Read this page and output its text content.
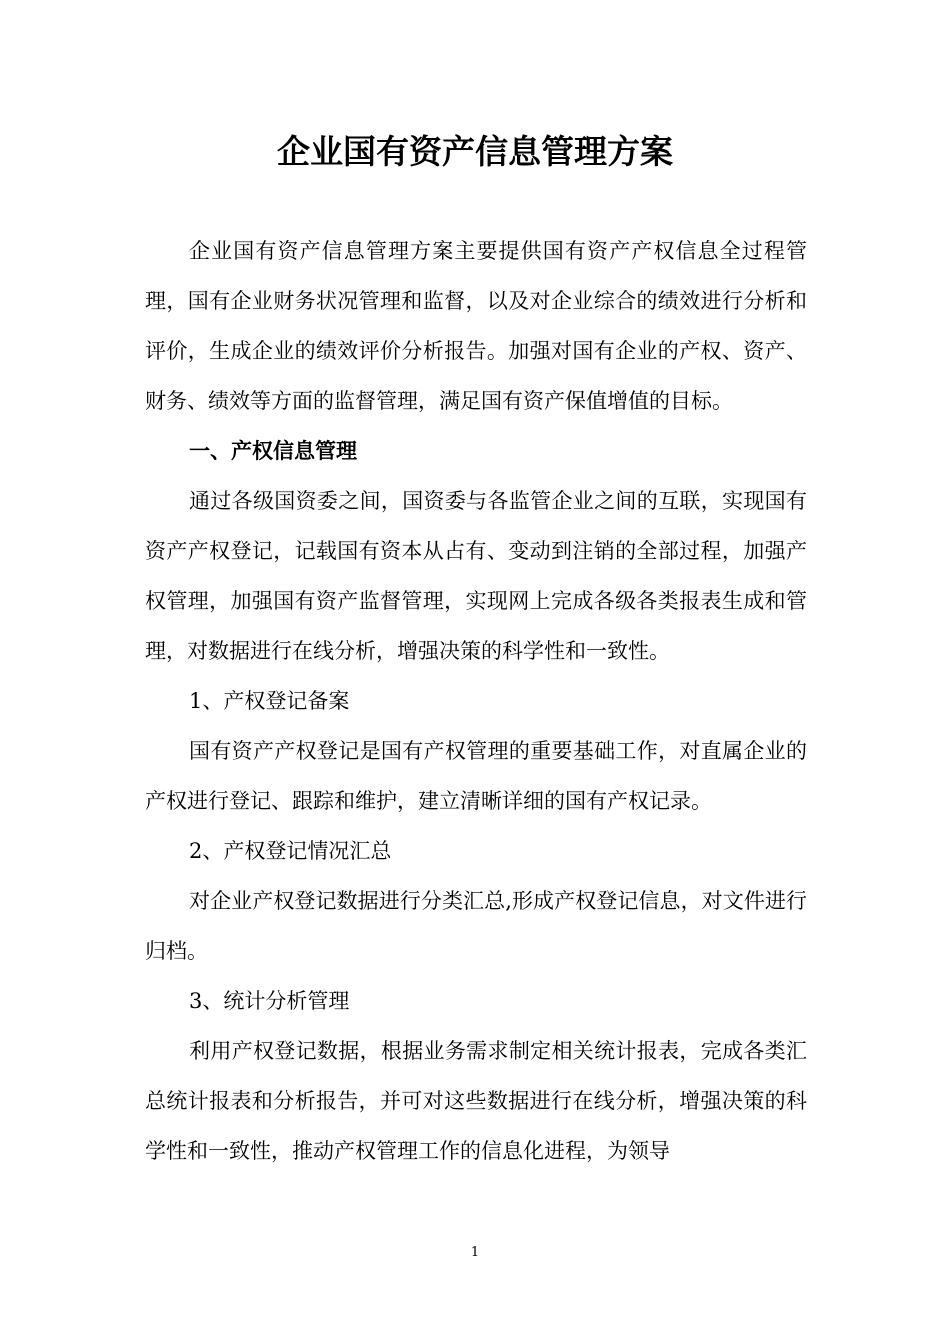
企业国有资产信息管理方案

企业国有资产信息管理方案主要提供国有资产产权信息全过程管理，国有企业财务状况管理和监督，以及对企业综合的绩效进行分析和评价，生成企业的绩效评价分析报告。加强对国有企业的产权、资产、财务、绩效等方面的监督管理，满足国有资产保值增值的目标。

一、产权信息管理

通过各级国资委之间，国资委与各监管企业之间的互联，实现国有资产产权登记，记载国有资本从占有、变动到注销的全部过程，加强产权管理，加强国有资产监督管理，实现网上完成各级各类报表生成和管理，对数据进行在线分析，增强决策的科学性和一致性。

1、产权登记备案

国有资产产权登记是国有产权管理的重要基础工作，对直属企业的产权进行登记、跟踪和维护，建立清晰详细的国有产权记录。

2、产权登记情况汇总

对企业产权登记数据进行分类汇总,形成产权登记信息，对文件进行归档。

3、统计分析管理

利用产权登记数据，根据业务需求制定相关统计报表，完成各类汇总统计报表和分析报告，并可对这些数据进行在线分析，增强决策的科学性和一致性，推动产权管理工作的信息化进程，为领导

1
